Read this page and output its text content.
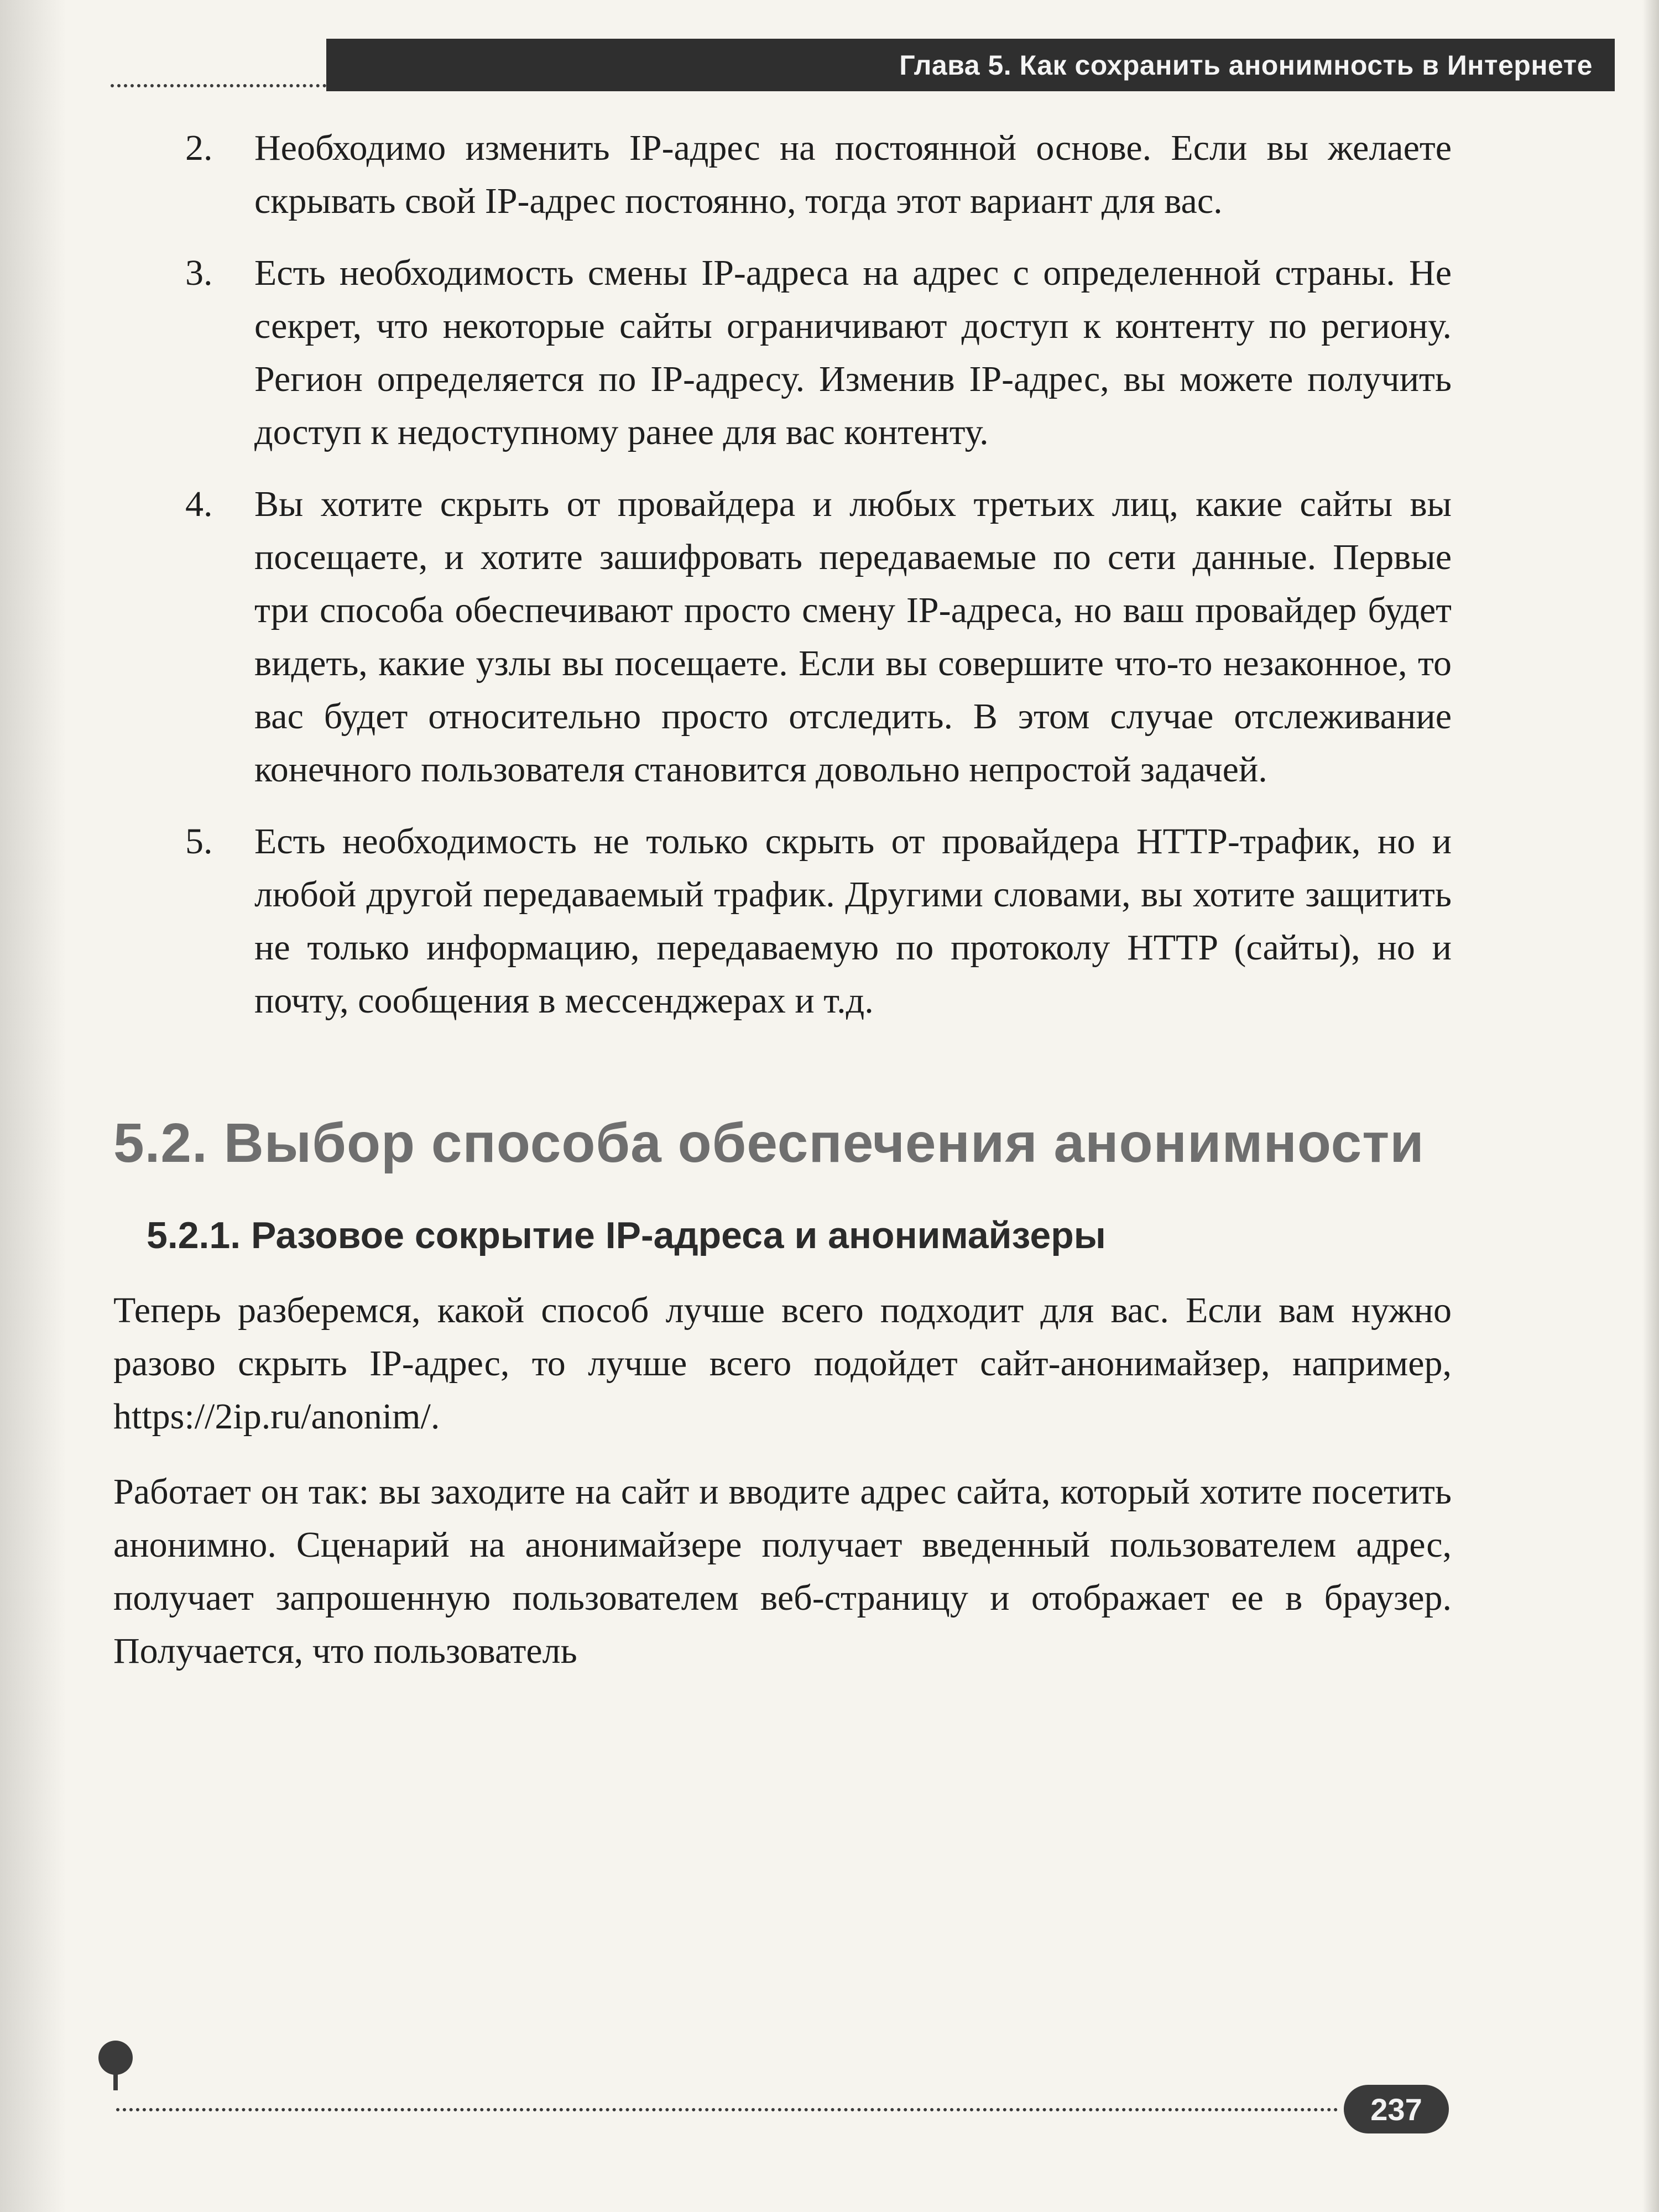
Глава 5. Как сохранить анонимность в Интернете
2. Необходимо изменить IP-адрес на постоянной основе. Если вы желаете скрывать свой IP-адрес постоянно, тогда этот вариант для вас.
3. Есть необходимость смены IP-адреса на адрес с определенной страны. Не секрет, что некоторые сайты ограничивают доступ к контенту по региону. Регион определяется по IP-адресу. Изменив IP-адрес, вы можете получить доступ к недоступному ранее для вас контенту.
4. Вы хотите скрыть от провайдера и любых третьих лиц, какие сайты вы посещаете, и хотите зашифровать передаваемые по сети данные. Первые три способа обеспечивают просто смену IP-адреса, но ваш провайдер будет видеть, какие узлы вы посещаете. Если вы совершите что-то незаконное, то вас будет относительно просто отследить. В этом случае отслеживание конечного пользователя становится довольно непростой задачей.
5. Есть необходимость не только скрыть от провайдера HTTP-трафик, но и любой другой передаваемый трафик. Другими словами, вы хотите защитить не только информацию, передаваемую по протоколу HTTP (сайты), но и почту, сообщения в мессенджерах и т.д.
5.2. Выбор способа обеспечения анонимности
5.2.1. Разовое сокрытие IP-адреса и анонимайзеры

Теперь разберемся, какой способ лучше всего подходит для вас. Если вам нужно разово скрыть IP-адрес, то лучше всего подойдет сайт-анонимайзер, например, https://2ip.ru/anonim/.

Работает он так: вы заходите на сайт и вводите адрес сайта, который хотите посетить анонимно. Сценарий на анонимайзере получает введенный пользователем адрес, получает запрошенную пользователем веб-страницу и отображает ее в браузер. Получается, что пользователь

237
